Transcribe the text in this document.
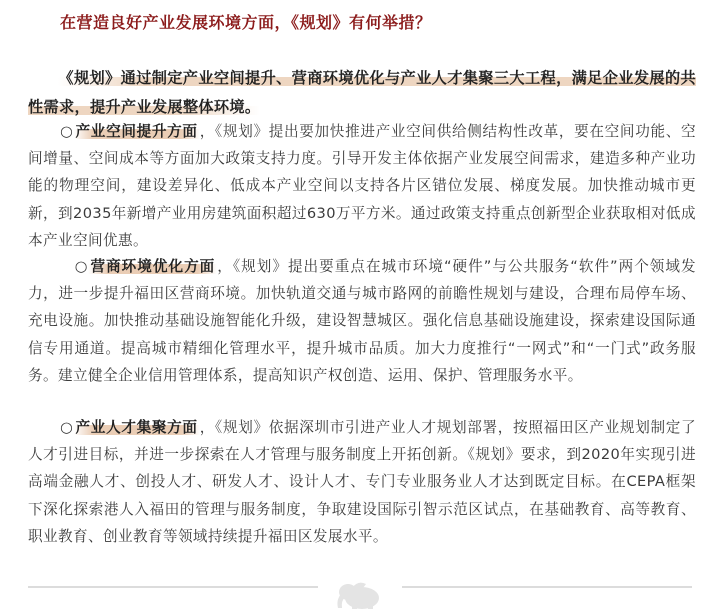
在营造良好产业发展环境方面，《规划》有何举措？

《规划》通过制定产业空间提升、营商环境优化与产业人才集聚三大工程，满足企业发展的共性需求，提升产业发展整体环境。

○ 产业空间提升方面 ，《规划》提出要加快推进产业空间供给侧结构性改革，要在空间功能、空间增量、空间成本等方面加大政策支持力度。引导开发主体依据产业发展空间需求，建造多种产业功能的物理空间，建设差异化、低成本产业空间以支持各片区错位发展、梯度发展。加快推动城市更新，到2035年新增产业用房建筑面积超过630万平方米。通过政策支持重点创新型企业获取相对低成本产业空间优惠。

○ 营商环境优化方面 ，《规划》提出要重点在城市环境“硬件”与公共服务“软件”两个领域发力，进一步提升福田区营商环境。加快轨道交通与城市路网的前瞻性规划与建设，合理布局停车场、充电设施。加快推动基础设施智能化升级，建设智慧城区。强化信息基础设施建设，探索建设国际通信专用通道。提高城市精细化管理水平，提升城市品质。加大力度推行“一网式”和“一门式”政务服务。建立健全企业信用管理体系，提高知识产权创造、运用、保护、管理服务水平。

○ 产业人才集聚方面 ，《规划》依据深圳市引进产业人才规划部署，按照福田区产业规划制定了人才引进目标，并进一步探索在人才管理与服务制度上开拓创新。《规划》要求，到2020年实现引进高端金融人才、创投人才、研发人才、设计人才、专门专业服务业人才达到既定目标。在CEPA框架下深化探索港人入福田的管理与服务制度，争取建设国际引智示范区试点，在基础教育、高等教育、职业教育、创业教育等领域持续提升福田区发展水平。
